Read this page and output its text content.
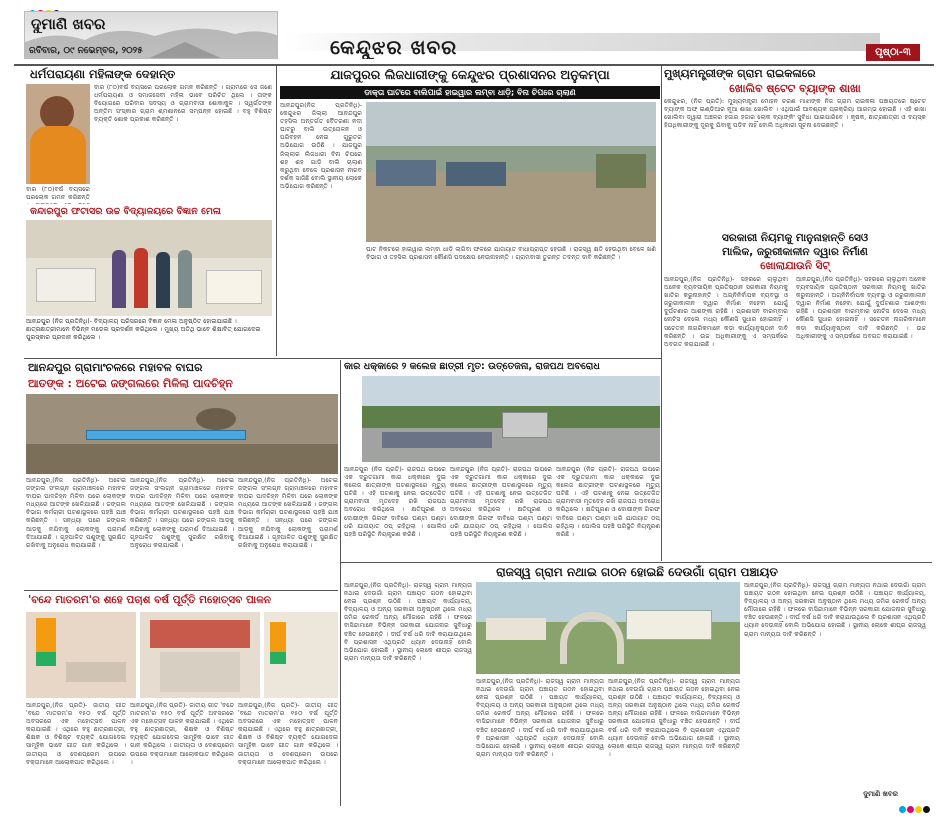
ଦୁମାଣି ଖବର
ରବିବାର, ୦୯ ନଭେମ୍ବର, ୨୦୨୫	କେନ୍ଦୁଝର ଖବର	ପୃଷ୍ଠା-୩
ଧର୍ମପରାୟଣା ମହିଳାଙ୍କ ଦେହାନ୍ତ
ବାର (୮୦)ବର୍ଷ ବୟସରେ ପରଲୋକ ଗମନ କରିଛନ୍ତି । ଗ୍ରାମରେ ସେ ଜଣେ ଧର୍ମପରାୟଣା ଓ ସମାଜସେବୀ ମହିଳା ଭାବେ ପରିଚିତ ଥିଲେ । ତାଙ୍କ ବିୟୋଗରେ ପରିବାର ସଦସ୍ୟ ଓ ଗ୍ରାମବାସୀ ଶୋକାକୁଳ । ସ୍ୱର୍ଗତଙ୍କ ଅନ୍ତିମ ସଂସ୍କାର ଗ୍ରାମ ଶ୍ମଶାନରେ ସମ୍ପନ୍ନ ହୋଇଛି । ବହୁ ବିଶିଷ୍ଟ ବ୍ୟକ୍ତି ଶୋକ ପ୍ରକାଶ କରିଛନ୍ତି ।
ବାର (୮୦)ବର୍ଷ ବୟସରେ ପରଲୋକ ଗମନ କରିଛନ୍ତି
କନ୍ଦାରପୁର ଫଟାସର ଉଚ୍ଚ ବିଦ୍ୟାଳୟରେ ବିଜ୍ଞାନ ମେଳା
ଆନନ୍ଦପୁର (ନିଜ ପ୍ରତିନିଧି)- ବିଦ୍ୟାଳୟ ପରିସରରେ ବିଜ୍ଞାନ ମେଳା ଅନୁଷ୍ଠିତ ହୋଇଯାଇଛି । ଛାତ୍ରଛାତ୍ରୀମାନେ ବିଭିନ୍ନ ମଡେଲ ପ୍ରଦର୍ଶନ କରିଥିଲେ । ମୁଖ୍ୟ ଅତିଥି ଭାବେ ଶିକ୍ଷାବିତ୍ ଯୋଗଦେଇ ପୁରସ୍କାର ପ୍ରଦାନ କରିଥିଲେ ।
ଯାଜପୁରର ଲିଜଧାରୀଙ୍କୁ କେନ୍ଦୁଝର ପ୍ରଶାସନର ଅନୁକମ୍ପା
ଡାକ୍ତା ଘାଟରେ ବାଲିପାଇଁ ହାଇୱାର ଲମ୍ବା ଧାଡ଼ି; ବିନା ଚିପରେ ଚାଲାଣ
ଆନନ୍ଦପୁର(ନିଜ ପ୍ରତିନିଧି)- କେନ୍ଦୁଝର ଜିଲ୍ଲା ଆନନ୍ଦପୁର ତହସିଲ ଅନ୍ତର୍ଗତ ବୈତରଣୀ ନଦୀ ଘାଟରୁ ବାଲି ଉତ୍ତୋଳନ ଓ ପରିବହନ ନେଇ ଗୁରୁତର ଅଭିଯୋଗ ଉଠିଛି । ଯାଜପୁର ଜିଲ୍ଲାର ଲିଜଧାରୀ ବିନା ଚିପରେ ଶହ ଶହ ଗାଡ଼ି ବାଲି ଚାଲାଣ କରୁଥିବା ବେଳେ ପ୍ରଶାସନ ନୀରବ ଦର୍ଶକ ସାଜିଛି ବୋଲି ସ୍ଥାନୀୟ ଲୋକେ ଅଭିଯୋଗ କରିଛନ୍ତି ।
ଘାଟ ନିକଟରେ ହାଇୱାର ଲମ୍ବା ଧାଡ଼ି ଲାଗିବା ଫଳରେ ଯାତାୟାତ ବାଧାପ୍ରାପ୍ତ ହେଉଛି । ରାଜସ୍ୱ କ୍ଷତି ହେଉଥିବା ବେଳେ ଖଣି ବିଭାଗ ଓ ତହସିଲ ପ୍ରଶାସନ କୌଣସି ପଦକ୍ଷେପ ନେଉନାହାନ୍ତି । ଗ୍ରାମବାସୀ ତୁରନ୍ତ ତଦନ୍ତ ଦାବି କରିଛନ୍ତି ।
ମୁଖ୍ୟମନ୍ତ୍ରୀଙ୍କ ଗ୍ରାମ ରାଇକଳାରେ
ଖୋଲିବ ଷ୍ଟେଟ ବ୍ୟାଙ୍କ ଶାଖା
କେନ୍ଦୁଝର, (ନିଜ ପ୍ରତି): ମୁଖ୍ୟମନ୍ତ୍ରୀ ମୋହନ ଚରଣ ମାଝୀଙ୍କ ନିଜ ଗ୍ରାମ ରାଇକଳା ପଞ୍ଚାୟତରେ ଷ୍ଟେଟ ବ୍ୟାଙ୍କ ଅଫ୍ ଇଣ୍ଡିଆର ନୂଆ ଶାଖା ଖୋଲିବ । ଏଥିପାଇଁ ଆବଶ୍ୟକ ପ୍ରକ୍ରିୟା ଆରମ୍ଭ ହୋଇଛି । ଏହି ଶାଖା ଖୋଲିବା ଦ୍ୱାରା ଅଞ୍ଚଳର ହଜାର ହଜାର ଲୋକ ବ୍ୟାଙ୍କିଂ ସୁବିଧା ପାଇପାରିବେ । କୃଷକ, ଛାତ୍ରଛାତ୍ରୀ ଓ ବୟସ୍କ ହିତାଧିକାରୀଙ୍କୁ ଦୂରକୁ ଯିବାକୁ ପଡ଼ିବ ନାହିଁ ବୋଲି ଅଧିକାରୀ ସୂଚନା ଦେଇଛନ୍ତି ।
ସରକାରୀ ନିୟମକୁ ମାନୁନାହାନ୍ତି ସେଓ
ମାଲିକ, ଜରୁରୀକାଳୀନ ଦ୍ୱାର ନିର୍ମାଣ
ଖୋଲାଯାଉନି ସିଟ୍
ଆନନ୍ଦପୁର,(ନିଜ ପ୍ରତିନିଧି)- ସହରରେ ଚାଲୁଥିବା ଅନେକ ବ୍ୟବସାୟିକ ପ୍ରତିଷ୍ଠାନ ସରକାରୀ ନିୟମକୁ ଖାତିର କରୁନାହାନ୍ତି । ଅଗ୍ନିନିର୍ବାପକ ବ୍ୟବସ୍ଥା ଓ ଜରୁରୀକାଳୀନ ଦ୍ୱାର ନିର୍ମାଣ ନହେବା ଯୋଗୁଁ ଦୁର୍ଘଟଣାର ଆଶଙ୍କା ରହିଛି । ପ୍ରଶାସନ ବାରମ୍ବାର ନୋଟିସ ଦେଲେ ମଧ୍ୟ କୌଣସି ସୁଧାର ହୋଇନାହିଁ । ସଚେତନ ନାଗରିକମାନେ କଡ଼ା କାର୍ଯ୍ୟାନୁଷ୍ଠାନ ଦାବି କରିଛନ୍ତି । ଉଚ୍ଚ ଅଧିକାରୀଙ୍କୁ ଏ ସମ୍ପର୍କରେ ଅବଗତ କରାଯାଇଛି ।
ଆନନ୍ଦପୁର,(ନିଜ ପ୍ରତିନିଧି)- ସହରରେ ଚାଲୁଥିବା ଅନେକ ବ୍ୟବସାୟିକ ପ୍ରତିଷ୍ଠାନ ସରକାରୀ ନିୟମକୁ ଖାତିର କରୁନାହାନ୍ତି । ଅଗ୍ନିନିର୍ବାପକ ବ୍ୟବସ୍ଥା ଓ ଜରୁରୀକାଳୀନ ଦ୍ୱାର ନିର୍ମାଣ ନହେବା ଯୋଗୁଁ ଦୁର୍ଘଟଣାର ଆଶଙ୍କା ରହିଛି । ପ୍ରଶାସନ ବାରମ୍ବାର ନୋଟିସ ଦେଲେ ମଧ୍ୟ କୌଣସି ସୁଧାର ହୋଇନାହିଁ । ସଚେତନ ନାଗରିକମାନେ କଡ଼ା କାର୍ଯ୍ୟାନୁଷ୍ଠାନ ଦାବି କରିଛନ୍ତି । ଉଚ୍ଚ ଅଧିକାରୀଙ୍କୁ ଏ ସମ୍ପର୍କରେ ଅବଗତ କରାଯାଇଛି ।
ଆନନ୍ଦପୁର ଗ୍ରାମାଂଚଳରେ ମହାବଳ ବାଘର
ଆତଙ୍କ : ଅଟେଇ ଜଙ୍ଗଲରେ ମିଳିଲା ପାଦଚିହ୍ନ
ଆନନ୍ଦପୁର,(ନିଜ ପ୍ରତିନିଧି)- ଅଟେଇ ଜଙ୍ଗଲ ସଂଲଗ୍ନ ଗ୍ରାମାଞ୍ଚଳରେ ମହାବଳ ବାଘର ପାଦଚିହ୍ନ ମିଳିବା ପରେ ଲୋକଙ୍କ ମଧ୍ୟରେ ଆତଙ୍କ ଖେଳିଯାଇଛି । ଜଙ୍ଗଲ ବିଭାଗ କର୍ମଚାରୀ ଘଟଣାସ୍ଥଳରେ ପହଞ୍ଚି ଯାଞ୍ଚ କରିଛନ୍ତି । ସନ୍ଧ୍ୟା ପରେ ଜଙ୍ଗଲ ଆଡ଼କୁ ନଯିବାକୁ ଲୋକଙ୍କୁ ପରାମର୍ଶ ଦିଆଯାଇଛି । ଗୃହପାଳିତ ପଶୁଙ୍କୁ ସୁରକ୍ଷିତ ରଖିବାକୁ ଅନୁରୋଧ କରାଯାଇଛି ।
ଆନନ୍ଦପୁର,(ନିଜ ପ୍ରତିନିଧି)- ଅଟେଇ ଜଙ୍ଗଲ ସଂଲଗ୍ନ ଗ୍ରାମାଞ୍ଚଳରେ ମହାବଳ ବାଘର ପାଦଚିହ୍ନ ମିଳିବା ପରେ ଲୋକଙ୍କ ମଧ୍ୟରେ ଆତଙ୍କ ଖେଳିଯାଇଛି । ଜଙ୍ଗଲ ବିଭାଗ କର୍ମଚାରୀ ଘଟଣାସ୍ଥଳରେ ପହଞ୍ଚି ଯାଞ୍ଚ କରିଛନ୍ତି । ସନ୍ଧ୍ୟା ପରେ ଜଙ୍ଗଲ ଆଡ଼କୁ ନଯିବାକୁ ଲୋକଙ୍କୁ ପରାମର୍ଶ ଦିଆଯାଇଛି । ଗୃହପାଳିତ ପଶୁଙ୍କୁ ସୁରକ୍ଷିତ ରଖିବାକୁ ଅନୁରୋଧ କରାଯାଇଛି ।
ଆନନ୍ଦପୁର,(ନିଜ ପ୍ରତିନିଧି)- ଅଟେଇ ଜଙ୍ଗଲ ସଂଲଗ୍ନ ଗ୍ରାମାଞ୍ଚଳରେ ମହାବଳ ବାଘର ପାଦଚିହ୍ନ ମିଳିବା ପରେ ଲୋକଙ୍କ ମଧ୍ୟରେ ଆତଙ୍କ ଖେଳିଯାଇଛି । ଜଙ୍ଗଲ ବିଭାଗ କର୍ମଚାରୀ ଘଟଣାସ୍ଥଳରେ ପହଞ୍ଚି ଯାଞ୍ଚ କରିଛନ୍ତି । ସନ୍ଧ୍ୟା ପରେ ଜଙ୍ଗଲ ଆଡ଼କୁ ନଯିବାକୁ ଲୋକଙ୍କୁ ପରାମର୍ଶ ଦିଆଯାଇଛି । ଗୃହପାଳିତ ପଶୁଙ୍କୁ ସୁରକ୍ଷିତ ରଖିବାକୁ ଅନୁରୋଧ କରାଯାଇଛି ।
କାର ଧକ୍କାରେ ୨ କଲେଜ ଛାତ୍ରୀ ମୃତ: ଉତ୍ତେଜନା, ରାଜପଥ ଅବରୋଧ
ଆନନ୍ଦପୁର (ନିଜ ପ୍ରତି)- ରାଜପଥ ଉପରେ ଏକ ଦ୍ରୁତଗାମୀ କାର ଧକ୍କାରେ ଦୁଇ କଲେଜ ଛାତ୍ରୀଙ୍କ ଘଟଣାସ୍ଥଳରେ ମୃତ୍ୟୁ ଘଟିଛି । ଏହି ଘଟଣାକୁ ନେଇ ଉତ୍ତେଜିତ ଗ୍ରାମବାସୀ ମୃତଦେହ ରଖି ରାଜପଥ ଅବରୋଧ କରିଥିଲେ । କ୍ଷତିପୂରଣ ଓ ଦୋଷୀଙ୍କ ଗିରଫ ଦାବିରେ ଘଣ୍ଟା ଘଣ୍ଟା ଧରି ଯାତାୟାତ ଠପ୍ ରହିଥିଲା । ପୋଲିସ ପହଞ୍ଚି ପରିସ୍ଥିତି ନିୟନ୍ତ୍ରଣ କରିଛି ।
ଆନନ୍ଦପୁର (ନିଜ ପ୍ରତି)- ରାଜପଥ ଉପରେ ଏକ ଦ୍ରୁତଗାମୀ କାର ଧକ୍କାରେ ଦୁଇ କଲେଜ ଛାତ୍ରୀଙ୍କ ଘଟଣାସ୍ଥଳରେ ମୃତ୍ୟୁ ଘଟିଛି । ଏହି ଘଟଣାକୁ ନେଇ ଉତ୍ତେଜିତ ଗ୍ରାମବାସୀ ମୃତଦେହ ରଖି ରାଜପଥ ଅବରୋଧ କରିଥିଲେ । କ୍ଷତିପୂରଣ ଓ ଦୋଷୀଙ୍କ ଗିରଫ ଦାବିରେ ଘଣ୍ଟା ଘଣ୍ଟା ଧରି ଯାତାୟାତ ଠପ୍ ରହିଥିଲା । ପୋଲିସ ପହଞ୍ଚି ପରିସ୍ଥିତି ନିୟନ୍ତ୍ରଣ କରିଛି ।
ଆନନ୍ଦପୁର (ନିଜ ପ୍ରତି)- ରାଜପଥ ଉପରେ ଏକ ଦ୍ରୁତଗାମୀ କାର ଧକ୍କାରେ ଦୁଇ କଲେଜ ଛାତ୍ରୀଙ୍କ ଘଟଣାସ୍ଥଳରେ ମୃତ୍ୟୁ ଘଟିଛି । ଏହି ଘଟଣାକୁ ନେଇ ଉତ୍ତେଜିତ ଗ୍ରାମବାସୀ ମୃତଦେହ ରଖି ରାଜପଥ ଅବରୋଧ କରିଥିଲେ । କ୍ଷତିପୂରଣ ଓ ଦୋଷୀଙ୍କ ଗିରଫ ଦାବିରେ ଘଣ୍ଟା ଘଣ୍ଟା ଧରି ଯାତାୟାତ ଠପ୍ ରହିଥିଲା । ପୋଲିସ ପହଞ୍ଚି ପରିସ୍ଥିତି ନିୟନ୍ତ୍ରଣ କରିଛି ।
ରାଜସ୍ୱ ଗ୍ରାମ ନଥାଇ ଗଠନ ହୋଇଛି ଦେଉଗାଁ ଗ୍ରାମ ପଞ୍ଚାୟତ
ଆନନ୍ଦପୁର,(ନିଜ ପ୍ରତିନିଧି)- ରାଜସ୍ୱ ଗ୍ରାମ ମାନ୍ୟତା ନଥାଇ ଦେଉଗାଁ ଗ୍ରାମ ପଞ୍ଚାୟତ ଗଠନ ହୋଇଥିବା ନେଇ ପ୍ରଶ୍ନ ଉଠିଛି । ପଞ୍ଚାୟତ କାର୍ଯ୍ୟାଳୟ, ବିଦ୍ୟାଳୟ ଓ ଅନ୍ୟ ସରକାରୀ ଅନୁଷ୍ଠାନ ଥିଲେ ମଧ୍ୟ ଜମିର ରେକର୍ଡ ଅନ୍ୟ ମୌଜାରେ ରହିଛି । ଫଳରେ ବାସିନ୍ଦାମାନେ ବିଭିନ୍ନ ସରକାରୀ ଯୋଜନାର ସୁବିଧାରୁ ବଞ୍ଚିତ ହେଉଛନ୍ତି । ଦୀର୍ଘ ବର୍ଷ ଧରି ଦାବି କରାଯାଉଥିଲେ ବି ପ୍ରଶାସନ ଏଥିପ୍ରତି ଧ୍ୟାନ ଦେଉନାହିଁ ବୋଲି ଅଭିଯୋଗ ହୋଇଛି । ସ୍ଥାନୀୟ ଲୋକେ ଶୀଘ୍ର ରାଜସ୍ୱ ଗ୍ରାମ ମାନ୍ୟତା ଦାବି କରିଛନ୍ତି ।
ଆନନ୍ଦପୁର,(ନିଜ ପ୍ରତିନିଧି)- ରାଜସ୍ୱ ଗ୍ରାମ ମାନ୍ୟତା ନଥାଇ ଦେଉଗାଁ ଗ୍ରାମ ପଞ୍ଚାୟତ ଗଠନ ହୋଇଥିବା ନେଇ ପ୍ରଶ୍ନ ଉଠିଛି । ପଞ୍ଚାୟତ କାର୍ଯ୍ୟାଳୟ, ବିଦ୍ୟାଳୟ ଓ ଅନ୍ୟ ସରକାରୀ ଅନୁଷ୍ଠାନ ଥିଲେ ମଧ୍ୟ ଜମିର ରେକର୍ଡ ଅନ୍ୟ ମୌଜାରେ ରହିଛି । ଫଳରେ ବାସିନ୍ଦାମାନେ ବିଭିନ୍ନ ସରକାରୀ ଯୋଜନାର ସୁବିଧାରୁ ବଞ୍ଚିତ ହେଉଛନ୍ତି । ଦୀର୍ଘ ବର୍ଷ ଧରି ଦାବି କରାଯାଉଥିଲେ ବି ପ୍ରଶାସନ ଏଥିପ୍ରତି ଧ୍ୟାନ ଦେଉନାହିଁ ବୋଲି ଅଭିଯୋଗ ହୋଇଛି । ସ୍ଥାନୀୟ ଲୋକେ ଶୀଘ୍ର ରାଜସ୍ୱ ଗ୍ରାମ ମାନ୍ୟତା ଦାବି କରିଛନ୍ତି ।
ଆନନ୍ଦପୁର,(ନିଜ ପ୍ରତିନିଧି)- ରାଜସ୍ୱ ଗ୍ରାମ ମାନ୍ୟତା ନଥାଇ ଦେଉଗାଁ ଗ୍ରାମ ପଞ୍ଚାୟତ ଗଠନ ହୋଇଥିବା ନେଇ ପ୍ରଶ୍ନ ଉଠିଛି । ପଞ୍ଚାୟତ କାର୍ଯ୍ୟାଳୟ, ବିଦ୍ୟାଳୟ ଓ ଅନ୍ୟ ସରକାରୀ ଅନୁଷ୍ଠାନ ଥିଲେ ମଧ୍ୟ ଜମିର ରେକର୍ଡ ଅନ୍ୟ ମୌଜାରେ ରହିଛି । ଫଳରେ ବାସିନ୍ଦାମାନେ ବିଭିନ୍ନ ସରକାରୀ ଯୋଜନାର ସୁବିଧାରୁ ବଞ୍ଚିତ ହେଉଛନ୍ତି । ଦୀର୍ଘ ବର୍ଷ ଧରି ଦାବି କରାଯାଉଥିଲେ ବି ପ୍ରଶାସନ ଏଥିପ୍ରତି ଧ୍ୟାନ ଦେଉନାହିଁ ବୋଲି ଅଭିଯୋଗ ହୋଇଛି । ସ୍ଥାନୀୟ ଲୋକେ ଶୀଘ୍ର ରାଜସ୍ୱ ଗ୍ରାମ ମାନ୍ୟତା ଦାବି କରିଛନ୍ତି ।
ଆନନ୍ଦପୁର,(ନିଜ ପ୍ରତିନିଧି)- ରାଜସ୍ୱ ଗ୍ରାମ ମାନ୍ୟତା ନଥାଇ ଦେଉଗାଁ ଗ୍ରାମ ପଞ୍ଚାୟତ ଗଠନ ହୋଇଥିବା ନେଇ ପ୍ରଶ୍ନ ଉଠିଛି । ପଞ୍ଚାୟତ କାର୍ଯ୍ୟାଳୟ, ବିଦ୍ୟାଳୟ ଓ ଅନ୍ୟ ସରକାରୀ ଅନୁଷ୍ଠାନ ଥିଲେ ମଧ୍ୟ ଜମିର ରେକର୍ଡ ଅନ୍ୟ ମୌଜାରେ ରହିଛି । ଫଳରେ ବାସିନ୍ଦାମାନେ ବିଭିନ୍ନ ସରକାରୀ ଯୋଜନାର ସୁବିଧାରୁ ବଞ୍ଚିତ ହେଉଛନ୍ତି । ଦୀର୍ଘ ବର୍ଷ ଧରି ଦାବି କରାଯାଉଥିଲେ ବି ପ୍ରଶାସନ ଏଥିପ୍ରତି ଧ୍ୟାନ ଦେଉନାହିଁ ବୋଲି ଅଭିଯୋଗ ହୋଇଛି । ସ୍ଥାନୀୟ ଲୋକେ ଶୀଘ୍ର ରାଜସ୍ୱ ଗ୍ରାମ ମାନ୍ୟତା ଦାବି କରିଛନ୍ତି ।
'ବନ୍ଦେ ମାତରମ'ର ଶହେ ପଚାଶ ବର୍ଷ ପୂର୍ତ୍ତି ମହୋତ୍ସବ ପାଳନ
ଆନନ୍ଦପୁର,(ନିଜ ପ୍ରତି)- ଜାତୀୟ ଗୀତ 'ବନ୍ଦେ ମାତରମ'ର ୧୫୦ ବର୍ଷ ପୂର୍ତ୍ତି ଅବସରରେ ଏକ ମହୋତ୍ସବ ପାଳନ କରାଯାଇଛି । ଏଥିରେ ବହୁ ଛାତ୍ରଛାତ୍ରୀ, ଶିକ୍ଷକ ଓ ବିଶିଷ୍ଟ ବ୍ୟକ୍ତି ଯୋଗଦେଇ ସାମୂହିକ ଭାବେ ଗୀତ ଗାନ କରିଥିଲେ । ଜାତୀୟତା ଓ ଦେଶପ୍ରେମ ଉପରେ ବକ୍ତାମାନେ ଆଲୋକପାତ କରିଥିଲେ ।
ଆନନ୍ଦପୁର,(ନିଜ ପ୍ରତି)- ଜାତୀୟ ଗୀତ 'ବନ୍ଦେ ମାତରମ'ର ୧୫୦ ବର୍ଷ ପୂର୍ତ୍ତି ଅବସରରେ ଏକ ମହୋତ୍ସବ ପାଳନ କରାଯାଇଛି । ଏଥିରେ ବହୁ ଛାତ୍ରଛାତ୍ରୀ, ଶିକ୍ଷକ ଓ ବିଶିଷ୍ଟ ବ୍ୟକ୍ତି ଯୋଗଦେଇ ସାମୂହିକ ଭାବେ ଗୀତ ଗାନ କରିଥିଲେ । ଜାତୀୟତା ଓ ଦେଶପ୍ରେମ ଉପରେ ବକ୍ତାମାନେ ଆଲୋକପାତ କରିଥିଲେ ।
ଆନନ୍ଦପୁର,(ନିଜ ପ୍ରତି)- ଜାତୀୟ ଗୀତ 'ବନ୍ଦେ ମାତରମ'ର ୧୫୦ ବର୍ଷ ପୂର୍ତ୍ତି ଅବସରରେ ଏକ ମହୋତ୍ସବ ପାଳନ କରାଯାଇଛି । ଏଥିରେ ବହୁ ଛାତ୍ରଛାତ୍ରୀ, ଶିକ୍ଷକ ଓ ବିଶିଷ୍ଟ ବ୍ୟକ୍ତି ଯୋଗଦେଇ ସାମୂହିକ ଭାବେ ଗୀତ ଗାନ କରିଥିଲେ । ଜାତୀୟତା ଓ ଦେଶପ୍ରେମ ଉପରେ ବକ୍ତାମାନେ ଆଲୋକପାତ କରିଥିଲେ ।
ଦୁମାଣି ଖବର
